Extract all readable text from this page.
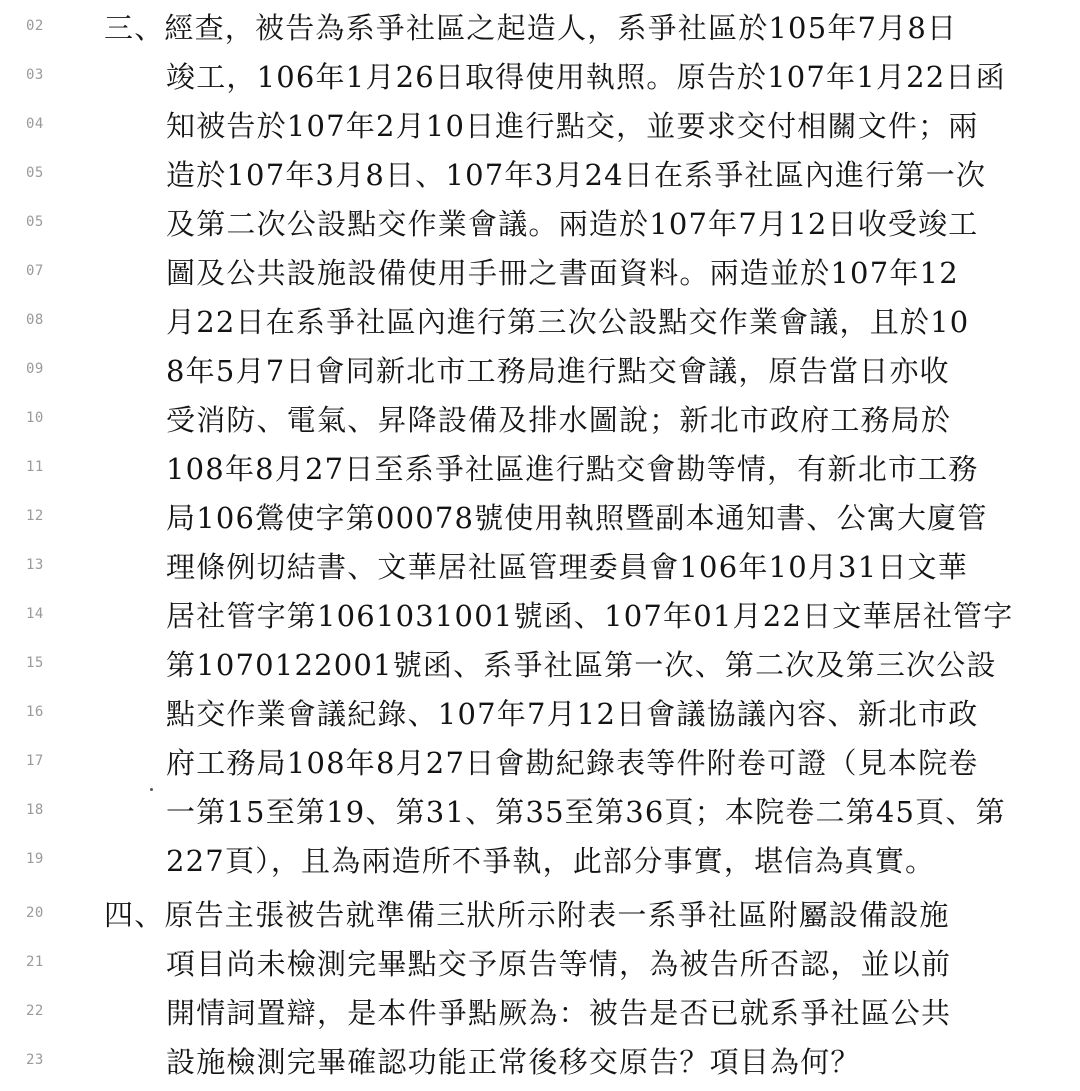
02	三、經查，被告為系爭社區之起造人，系爭社區於105年7月8日
03	竣工，106年1月26日取得使用執照。原告於107年1月22日函
04	知被告於107年2月10日進行點交，並要求交付相關文件；兩
05	造於107年3月8日、107年3月24日在系爭社區內進行第一次
05	及第二次公設點交作業會議。兩造於107年7月12日收受竣工
07	圖及公共設施設備使用手冊之書面資料。兩造並於107年12
08	月22日在系爭社區內進行第三次公設點交作業會議，且於10
09	8年5月7日會同新北市工務局進行點交會議，原告當日亦收
10	受消防、電氣、昇降設備及排水圖說；新北市政府工務局於
11	108年8月27日至系爭社區進行點交會勘等情，有新北市工務
12	局106鶯使字第00078號使用執照暨副本通知書、公寓大廈管
13	理條例切結書、文華居社區管理委員會106年10月31日文華
14	居社管字第1061031001號函、107年01月22日文華居社管字
15	第1070122001號函、系爭社區第一次、第二次及第三次公設
16	點交作業會議紀錄、107年7月12日會議協議內容、新北市政
17	府工務局108年8月27日會勘紀錄表等件附卷可證（見本院卷
18	一第15至第19、第31、第35至第36頁；本院卷二第45頁、第
19	227頁），且為兩造所不爭執，此部分事實，堪信為真實。
20	四、原告主張被告就準備三狀所示附表一系爭社區附屬設備設施
21	項目尚未檢測完畢點交予原告等情，為被告所否認，並以前
22	開情詞置辯，是本件爭點厥為：被告是否已就系爭社區公共
23	設施檢測完畢確認功能正常後移交原告？項目為何？
